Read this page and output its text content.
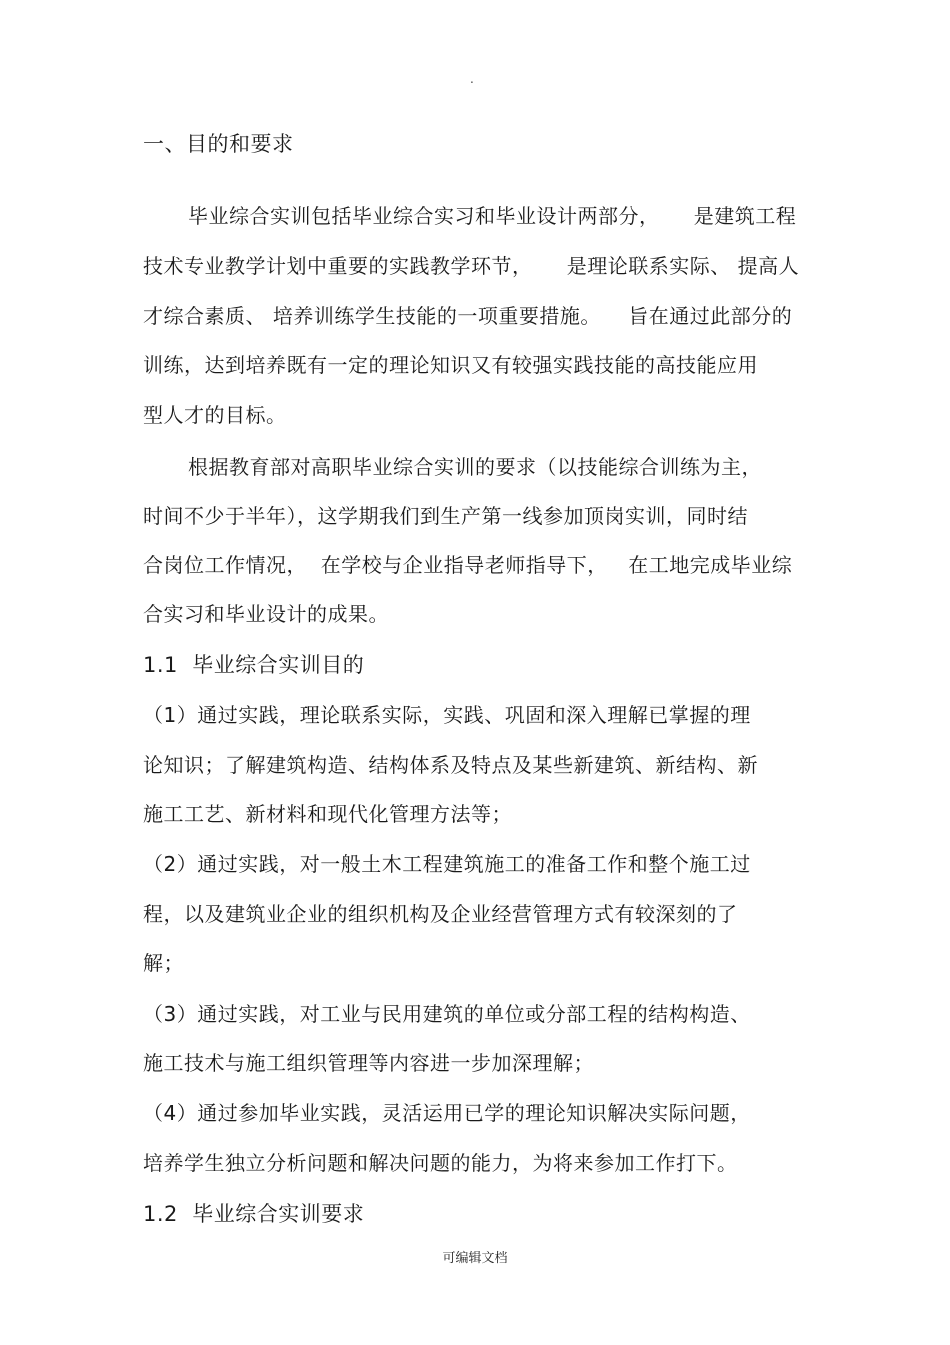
.
一、目的和要求
毕业综合实训包括毕业综合实习和毕业设计两部分，     是建筑工程
技术专业教学计划中重要的实践教学环节，     是理论联系实际、 提高人
才综合素质、 培养训练学生技能的一项重要措施。    旨在通过此部分的
训练，达到培养既有一定的理论知识又有较强实践技能的高技能应用
型人才的目标。
根据教育部对高职毕业综合实训的要求（以技能综合训练为主，
时间不少于半年），这学期我们到生产第一线参加顶岗实训，同时结
合岗位工作情况，  在学校与企业指导老师指导下，   在工地完成毕业综
合实习和毕业设计的成果。
1.1  毕业综合实训目的
（1）通过实践，理论联系实际，实践、巩固和深入理解已掌握的理
论知识；了解建筑构造、结构体系及特点及某些新建筑、新结构、新
施工工艺、新材料和现代化管理方法等；
（2）通过实践，对一般土木工程建筑施工的准备工作和整个施工过
程，以及建筑业企业的组织机构及企业经营管理方式有较深刻的了
解；
（3）通过实践，对工业与民用建筑的单位或分部工程的结构构造、
施工技术与施工组织管理等内容进一步加深理解；
（4）通过参加毕业实践，灵活运用已学的理论知识解决实际问题，
培养学生独立分析问题和解决问题的能力，为将来参加工作打下。
1.2  毕业综合实训要求
可编辑文档
